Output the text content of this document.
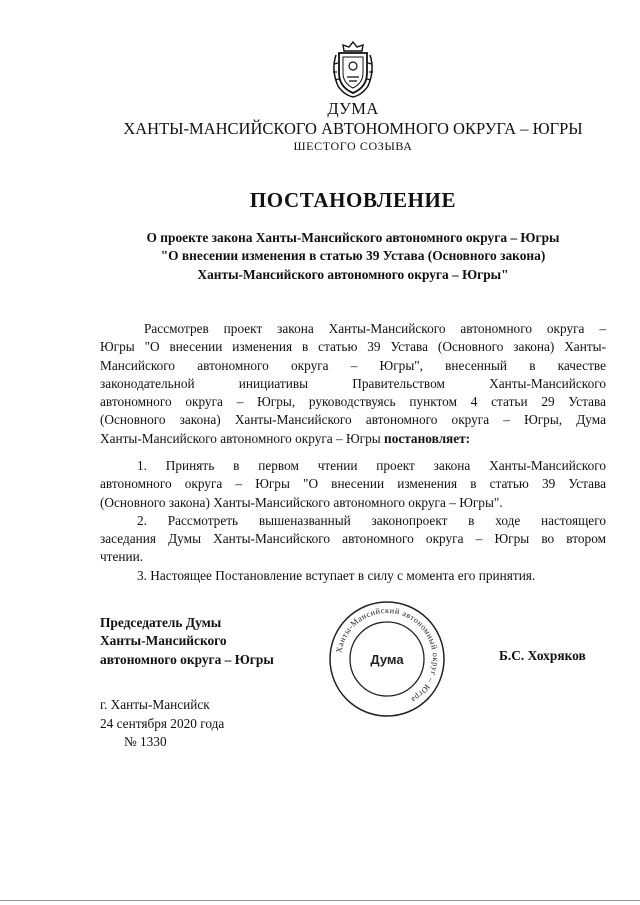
ДУМА
ХАНТЫ-МАНСИЙСКОГО АВТОНОМНОГО ОКРУГА – ЮГРЫ
ШЕСТОГО СОЗЫВА
ПОСТАНОВЛЕНИЕ
О проекте закона Ханты-Мансийского автономного округа – Югры
"О внесении изменения в статью 39 Устава (Основного закона)
Ханты-Мансийского автономного округа – Югры"
Рассмотрев проект закона Ханты-Мансийского автономного округа –
Югры "О внесении изменения в статью 39 Устава (Основного закона) Ханты-
Мансийского автономного округа – Югры", внесенный в качестве
законодательной инициативы Правительством Ханты-Мансийского
автономного округа – Югры, руководствуясь пунктом 4 статьи 29 Устава
(Основного закона) Ханты-Мансийского автономного округа – Югры, Дума
Ханты-Мансийского автономного округа – Югры постановляет:
1. Принять в первом чтении проект закона Ханты-Мансийского
автономного округа – Югры "О внесении изменения в статью 39 Устава
(Основного закона) Ханты-Мансийского автономного округа – Югры".
2. Рассмотреть вышеназванный законопроект в ходе настоящего
заседания Думы Ханты-Мансийского автономного округа – Югры во втором
чтении.
3. Настоящее Постановление вступает в силу с момента его принятия.
Председатель Думы
Ханты-Мансийского
автономного округа – Югры
Ханты-Мансийский автономный округ – Югра
Дума	Б.С. Хохряков
г. Ханты-Мансийск
24 сентября 2020 года
№ 1330
